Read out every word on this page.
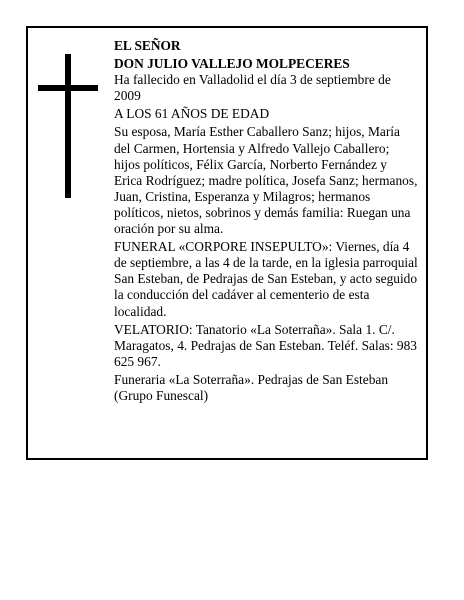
EL SEÑOR

DON JULIO VALLEJO MOLPECERES

Ha fallecido en Valladolid el día 3 de septiembre de 2009

A LOS 61 AÑOS DE EDAD

Su esposa, María Esther Caballero Sanz; hijos, María del Carmen, Hortensia y Alfredo Vallejo Caballero; hijos políticos, Félix García, Norberto Fernández y Erica Rodríguez; madre política, Josefa Sanz; hermanos, Juan, Cristina, Esperanza y Milagros; hermanos políticos, nietos, sobrinos y demás familia: Ruegan una oración por su alma.

FUNERAL «CORPORE INSEPULTO»: Viernes, día 4 de septiembre, a las 4 de la tarde, en la iglesia parroquial San Esteban, de Pedrajas de San Esteban, y acto seguido la conducción del cadáver al cementerio de esta localidad.

VELATORIO: Tanatorio «La Soterraña». Sala 1. C/. Maragatos, 4. Pedrajas de San Esteban. Teléf. Salas: 983 625 967.

Funeraria «La Soterraña». Pedrajas de San Esteban (Grupo Funescal)
